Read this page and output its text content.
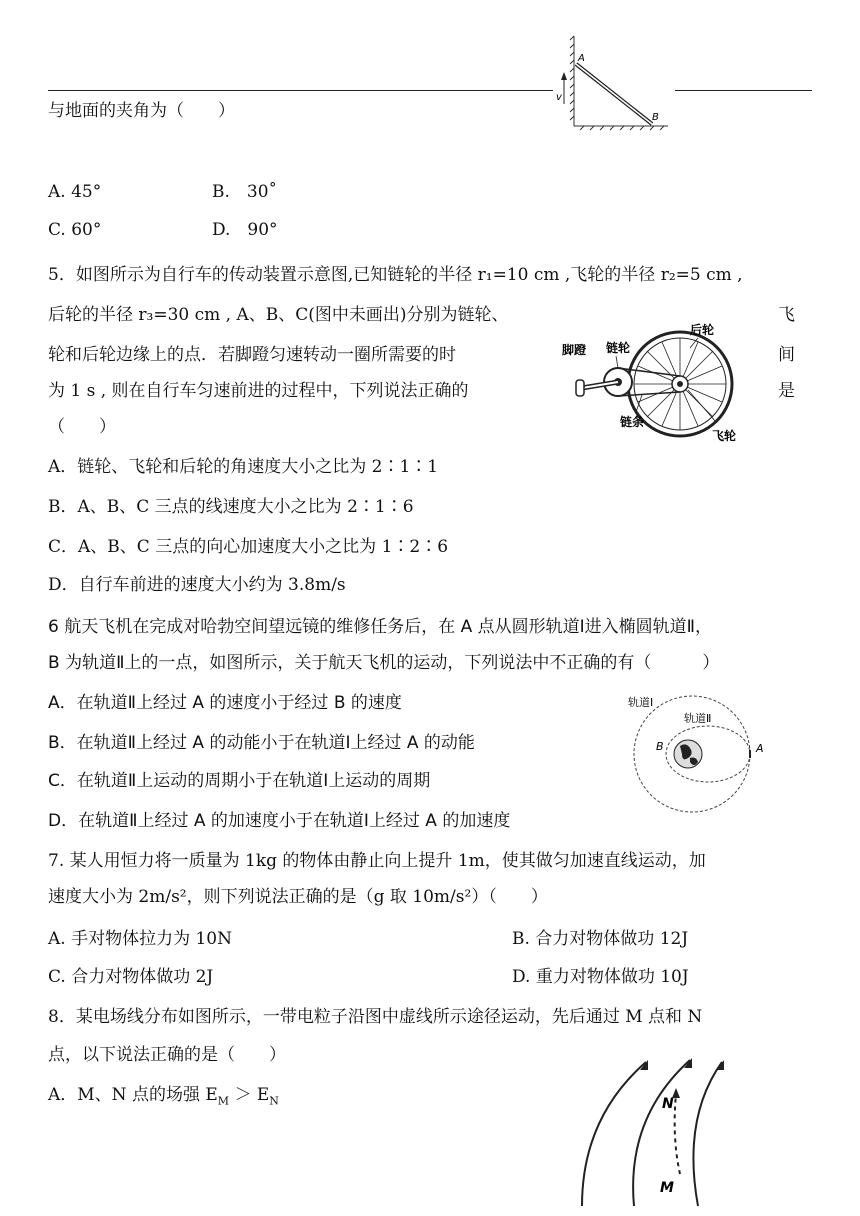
A
B
v
与地面的夹角为（　　）
A. 45°	B.　30˚
C. 60°	D.　90°
5．如图所示为自行车的传动装置示意图,已知链轮的半径 r₁=10 cm ,飞轮的半径 r₂=5 cm ,
后轮的半径 r₃=30 cm , A、B、C(图中未画出)分别为链轮、	飞
轮和后轮边缘上的点．若脚蹬匀速转动一圈所需要的时	间
为 1 s , 则在自行车匀速前进的过程中，下列说法正确的	是
（　　）
脚蹬 链轮
后轮
链条
飞轮
A．链轮、飞轮和后轮的角速度大小之比为 2∶1∶1
B．A、B、C 三点的线速度大小之比为 2∶1∶6
C．A、B、C 三点的向心加速度大小之比为 1∶2∶6
D．自行车前进的速度大小约为 3.8m/s
6 航天飞机在完成对哈勃空间望远镜的维修任务后，在 A 点从圆形轨道Ⅰ进入椭圆轨道Ⅱ，
B 为轨道Ⅱ上的一点，如图所示，关于航天飞机的运动，下列说法中不正确的有（　　　）
A．在轨道Ⅱ上经过 A 的速度小于经过 B 的速度
B．在轨道Ⅱ上经过 A 的动能小于在轨道Ⅰ上经过 A 的动能
C．在轨道Ⅱ上运动的周期小于在轨道Ⅰ上运动的周期
D．在轨道Ⅱ上经过 A 的加速度小于在轨道Ⅰ上经过 A 的加速度
轨道Ⅰ
轨道Ⅱ
B	A
7. 某人用恒力将一质量为 1kg 的物体由静止向上提升 1m，使其做匀加速直线运动，加
速度大小为 2m/s²，则下列说法正确的是（g 取 10m/s²）（　　）
A. 手对物体拉力为 10N	B. 合力对物体做功 12J
C. 合力对物体做功 2J	D. 重力对物体做功 10J
8．某电场线分布如图所示，一带电粒子沿图中虚线所示途径运动，先后通过 M 点和 N
点，以下说法正确的是（　　）
A．M、N 点的场强 $E_M > E_N$	N
M
